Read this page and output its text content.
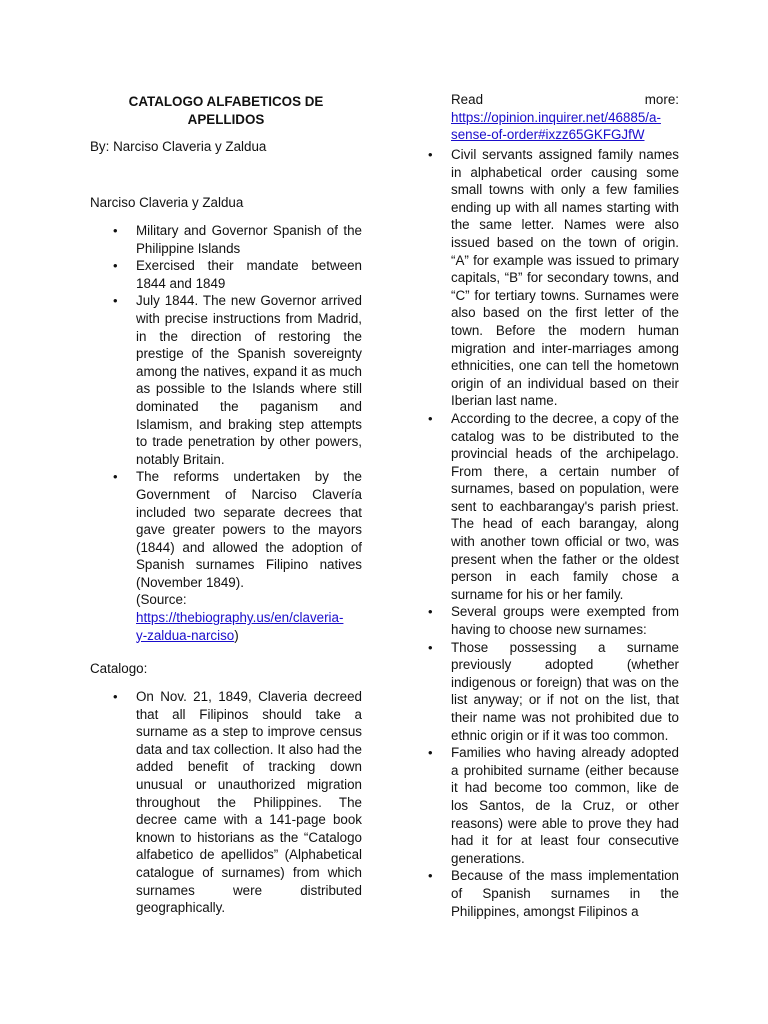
CATALOGO ALFABETICOS DE
APELLIDOS

By: Narciso Claveria y Zaldua

Narciso Claveria y Zaldua

• Military and Governor Spanish of the Philippine Islands
• Exercised their mandate between 1844 and 1849
• July 1844. The new Governor arrived with precise instructions from Madrid, in the direction of restoring the prestige of the Spanish sovereignty among the natives, expand it as much as possible to the Islands where still dominated the paganism and Islamism, and braking step attempts to trade penetration by other powers, notably Britain.
• The reforms undertaken by the Government of Narciso Clavería included two separate decrees that gave greater powers to the mayors (1844) and allowed the adoption of Spanish surnames Filipino natives (November 1849).
(Source:
https://thebiography.us/en/claveria-
y-zaldua-narciso)

Catalogo:

• On Nov. 21, 1849, Claveria decreed that all Filipinos should take a surname as a step to improve census data and tax collection. It also had the added benefit of tracking down unusual or unauthorized migration throughout the Philippines. The decree came with a 141-page book known to historians as the “Catalogo alfabetico de apellidos” (Alphabetical catalogue of surnames) from which surnames were distributed geographically.
Read	more:
https://opinion.inquirer.net/46885/a-
sense-of-order#ixzz65GKFGJfW
• Civil servants assigned family names in alphabetical order causing some small towns with only a few families ending up with all names starting with the same letter. Names were also issued based on the town of origin. “A” for example was issued to primary capitals, “B” for secondary towns, and “C” for tertiary towns. Surnames were also based on the first letter of the town. Before the modern human migration and inter-marriages among ethnicities, one can tell the hometown origin of an individual based on their Iberian last name.
• According to the decree, a copy of the catalog was to be distributed to the provincial heads of the archipelago. From there, a certain number of surnames, based on population, were sent to eachbarangay's parish priest. The head of each barangay, along with another town official or two, was present when the father or the oldest person in each family chose a surname for his or her family.
• Several groups were exempted from having to choose new surnames:
• Those possessing a surname previously adopted (whether indigenous or foreign) that was on the list anyway; or if not on the list, that their name was not prohibited due to ethnic origin or if it was too common.
• Families who having already adopted a prohibited surname (either because it had become too common, like de los Santos, de la Cruz, or other reasons) were able to prove they had had it for at least four consecutive generations.
• Because of the mass implementation of Spanish surnames in the Philippines, amongst Filipinos a
